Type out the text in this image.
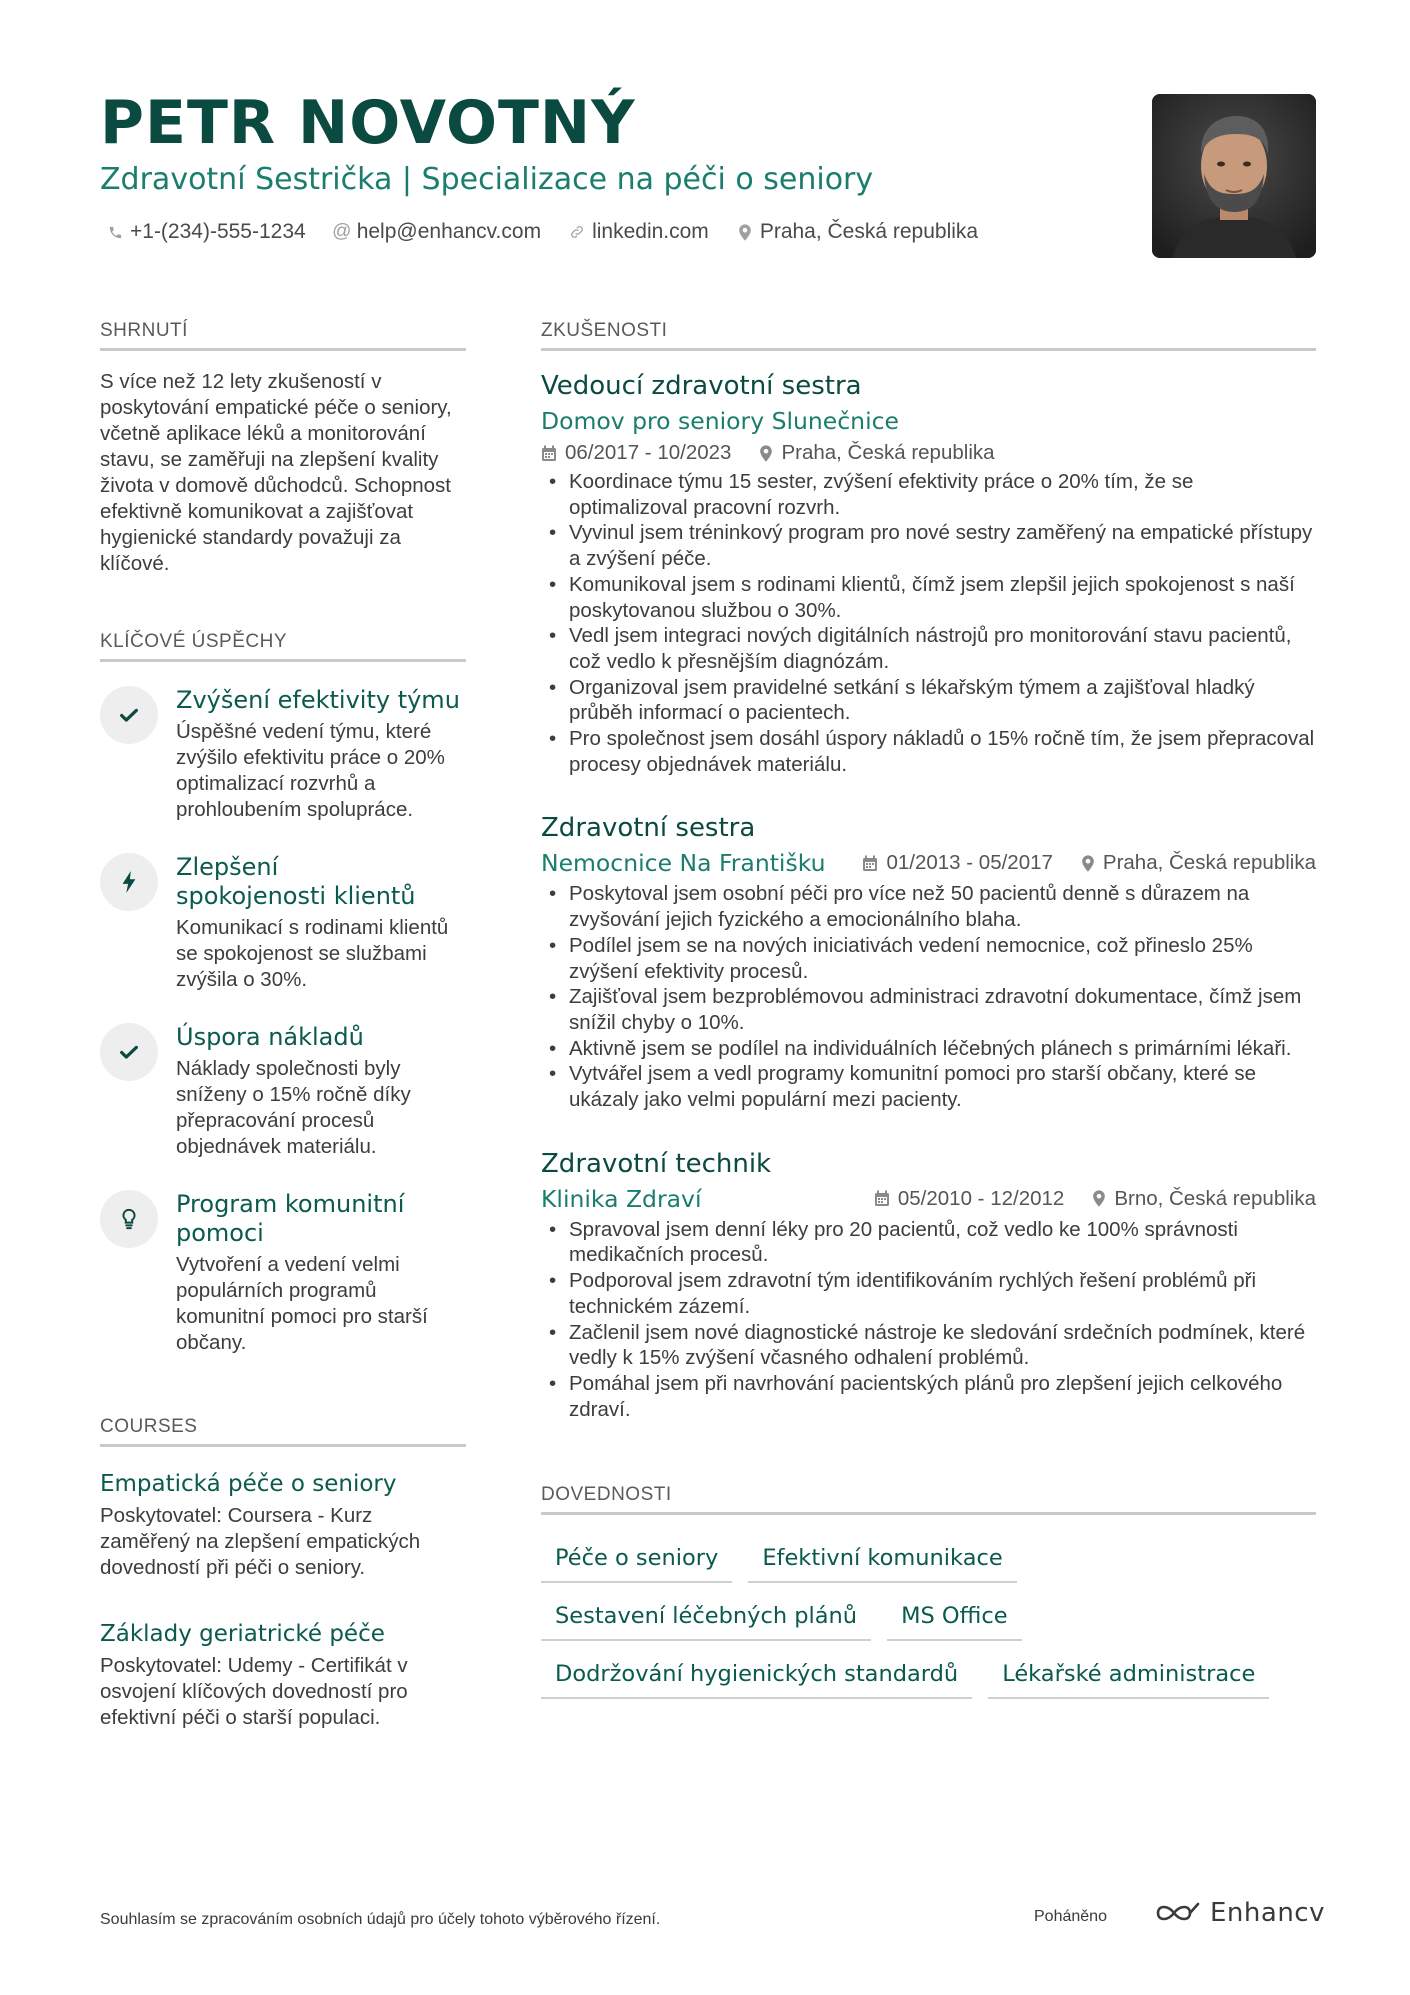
PETR NOVOTNÝ
Zdravotní Sestrička | Specializace na péči o seniory
+1-(234)-555-1234 @ help@enhancv.com linkedin.com Praha, Česká republika
SHRNUTÍ
S více než 12 lety zkušeností v poskytování empatické péče o seniory, včetně aplikace léků a monitorování stavu, se zaměřuji na zlepšení kvality života v domově důchodců. Schopnost efektivně komunikovat a zajišťovat hygienické standardy považuji za klíčové.
KLÍČOVÉ ÚSPĚCHY
Zvýšení efektivity týmu
Úspěšné vedení týmu, které zvýšilo efektivitu práce o 20% optimalizací rozvrhů a prohloubením spolupráce.
Zlepšení spokojenosti klientů
Komunikací s rodinami klientů se spokojenost se službami zvýšila o 30%.
Úspora nákladů
Náklady společnosti byly sníženy o 15% ročně díky přepracování procesů objednávek materiálu.
Program komunitní pomoci
Vytvoření a vedení velmi populárních programů komunitní pomoci pro starší občany.
COURSES
Empatická péče o seniory
Poskytovatel: Coursera - Kurz zaměřený na zlepšení empatických dovedností při péči o seniory.
Základy geriatrické péče
Poskytovatel: Udemy - Certifikát v osvojení klíčových dovedností pro efektivní péči o starší populaci.
ZKUŠENOSTI
Vedoucí zdravotní sestra
Domov pro seniory Slunečnice
06/2017 - 10/2023 Praha, Česká republika
• Koordinace týmu 15 sester, zvýšení efektivity práce o 20% tím, že se optimalizoval pracovní rozvrh.
• Vyvinul jsem tréninkový program pro nové sestry zaměřený na empatické přístupy a zvýšení péče.
• Komunikoval jsem s rodinami klientů, čímž jsem zlepšil jejich spokojenost s naší poskytovanou službou o 30%.
• Vedl jsem integraci nových digitálních nástrojů pro monitorování stavu pacientů, což vedlo k přesnějším diagnózám.
• Organizoval jsem pravidelné setkání s lékařským týmem a zajišťoval hladký průběh informací o pacientech.
• Pro společnost jsem dosáhl úspory nákladů o 15% ročně tím, že jsem přepracoval procesy objednávek materiálu.
Zdravotní sestra
Nemocnice Na Františku	01/2013 - 05/2017 Praha, Česká republika
• Poskytoval jsem osobní péči pro více než 50 pacientů denně s důrazem na zvyšování jejich fyzického a emocionálního blaha.
• Podílel jsem se na nových iniciativách vedení nemocnice, což přineslo 25% zvýšení efektivity procesů.
• Zajišťoval jsem bezproblémovou administraci zdravotní dokumentace, čímž jsem snížil chyby o 10%.
• Aktivně jsem se podílel na individuálních léčebných plánech s primárními lékaři.
• Vytvářel jsem a vedl programy komunitní pomoci pro starší občany, které se ukázaly jako velmi populární mezi pacienty.
Zdravotní technik
Klinika Zdraví	05/2010 - 12/2012 Brno, Česká republika
• Spravoval jsem denní léky pro 20 pacientů, což vedlo ke 100% správnosti medikačních procesů.
• Podporoval jsem zdravotní tým identifikováním rychlých řešení problémů při technickém zázemí.
• Začlenil jsem nové diagnostické nástroje ke sledování srdečních podmínek, které vedly k 15% zvýšení včasného odhalení problémů.
• Pomáhal jsem při navrhování pacientských plánů pro zlepšení jejich celkového zdraví.
DOVEDNOSTI
Péče o seniory	Efektivní komunikace
Sestavení léčebných plánů	MS Office
Dodržování hygienických standardů	Lékařské administrace
Souhlasím se zpracováním osobních údajů pro účely tohoto výběrového řízení.	Poháněno	Enhancv
